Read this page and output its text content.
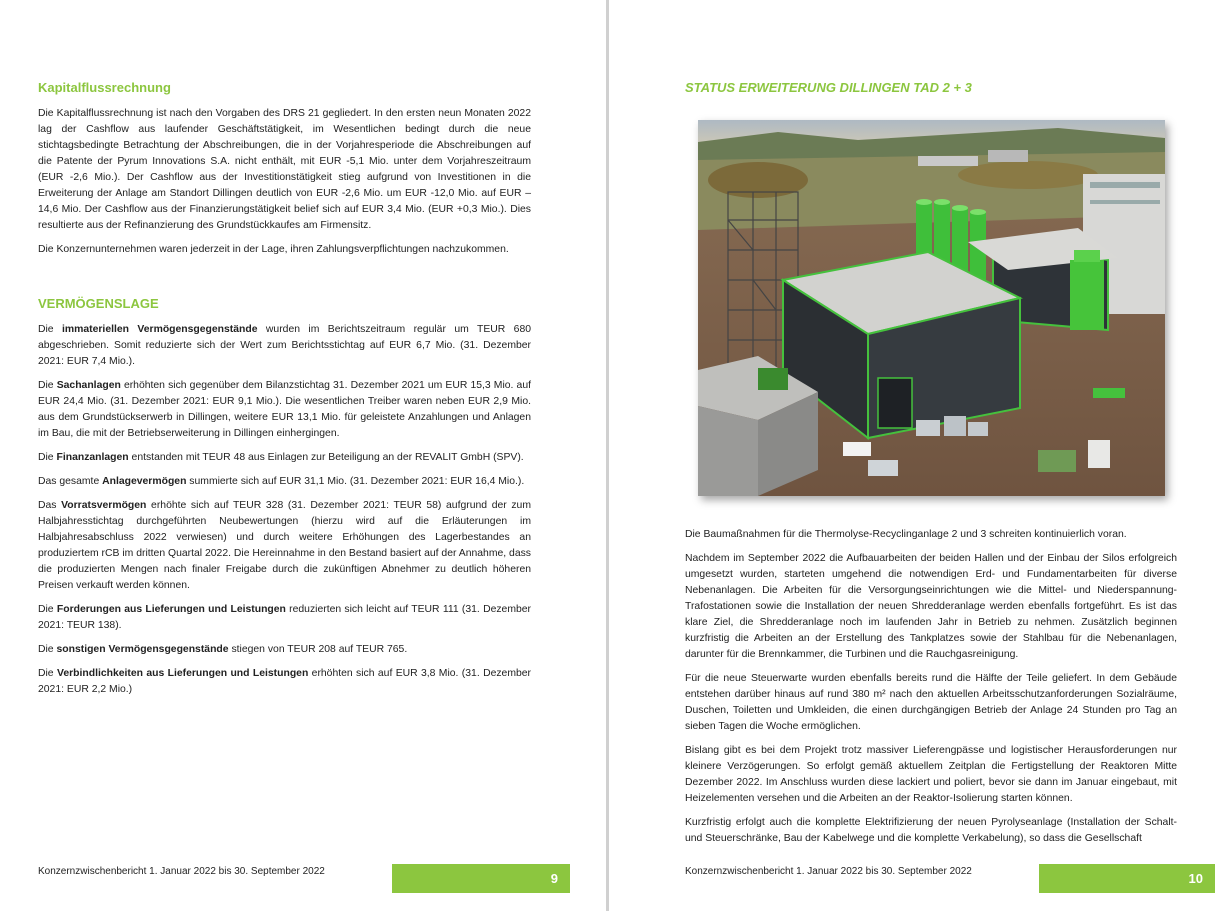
Kapitalflussrechnung

Die Kapitalflussrechnung ist nach den Vorgaben des DRS 21 gegliedert. In den ersten neun Monaten 2022 lag der Cashflow aus laufender Geschäftstätigkeit, im Wesentlichen bedingt durch die neue stichtagsbedingte Betrachtung der Abschreibungen, die in der Vorjahresperiode die Abschreibungen auf die Patente der Pyrum Innovations S.A. nicht enthält, mit EUR -5,1 Mio. unter dem Vorjahreszeitraum (EUR -2,6 Mio.). Der Cashflow aus der Investitionstätigkeit stieg aufgrund von Investitionen in die Erweiterung der Anlage am Standort Dillingen deutlich von EUR -2,6 Mio. um EUR -12,0 Mio. auf EUR –14,6 Mio. Der Cashflow aus der Finanzierungstätigkeit belief sich auf EUR 3,4 Mio. (EUR +0,3 Mio.). Dies resultierte aus der Refinanzierung des Grundstückkaufes am Firmensitz.

Die Konzernunternehmen waren jederzeit in der Lage, ihren Zahlungsverpflichtungen nachzukommen.

VERMÖGENSLAGE

Die immateriellen Vermögensgegenstände wurden im Berichtszeitraum regulär um TEUR 680 abgeschrieben. Somit reduzierte sich der Wert zum Berichtsstichtag auf EUR 6,7 Mio. (31. Dezember 2021: EUR 7,4 Mio.).

Die Sachanlagen erhöhten sich gegenüber dem Bilanzstichtag 31. Dezember 2021 um EUR 15,3 Mio. auf EUR 24,4 Mio. (31. Dezember 2021: EUR 9,1 Mio.). Die wesentlichen Treiber waren neben EUR 2,9 Mio. aus dem Grundstückserwerb in Dillingen, weitere EUR 13,1 Mio. für geleistete Anzahlungen und Anlagen im Bau, die mit der Betriebserweiterung in Dillingen einhergingen.

Die Finanzanlagen entstanden mit TEUR 48 aus Einlagen zur Beteiligung an der REVALIT GmbH (SPV).

Das gesamte Anlagevermögen summierte sich auf EUR 31,1 Mio. (31. Dezember 2021: EUR 16,4 Mio.).

Das Vorratsvermögen erhöhte sich auf TEUR 328 (31. Dezember 2021: TEUR 58) aufgrund der zum Halbjahresstichtag durchgeführten Neubewertungen (hierzu wird auf die Erläuterungen im Halbjahresabschluss 2022 verwiesen) und durch weitere Erhöhungen des Lagerbestandes an produziertem rCB im dritten Quartal 2022. Die Hereinnahme in den Bestand basiert auf der Annahme, dass die produzierten Mengen nach finaler Freigabe durch die zukünftigen Abnehmer zu deutlich höheren Preisen verkauft werden können.

Die Forderungen aus Lieferungen und Leistungen reduzierten sich leicht auf TEUR 111 (31. Dezember 2021: TEUR 138).

Die sonstigen Vermögensgegenstände stiegen von TEUR 208 auf TEUR 765.

Die Verbindlichkeiten aus Lieferungen und Leistungen erhöhten sich auf EUR 3,8 Mio. (31. Dezember 2021: EUR 2,2 Mio.)

Konzernzwischenbericht 1. Januar 2022 bis 30. September 2022	9
STATUS ERWEITERUNG DILLINGEN TAD 2 + 3

Die Baumaßnahmen für die Thermolyse-Recyclinganlage 2 und 3 schreiten kontinuierlich voran.

Nachdem im September 2022 die Aufbauarbeiten der beiden Hallen und der Einbau der Silos erfolgreich umgesetzt wurden, starteten umgehend die notwendigen Erd- und Fundamentarbeiten für diverse Nebenanlagen. Die Arbeiten für die Versorgungseinrichtungen wie die Mittel- und Niederspannung-Trafostationen sowie die Installation der neuen Shredderanlage werden ebenfalls fortgeführt. Es ist das klare Ziel, die Shredderanlage noch im laufenden Jahr in Betrieb zu nehmen. Zusätzlich beginnen kurzfristig die Arbeiten an der Erstellung des Tankplatzes sowie der Stahlbau für die Nebenanlagen, darunter für die Brennkammer, die Turbinen und die Rauchgasreinigung.

Für die neue Steuerwarte wurden ebenfalls bereits rund die Hälfte der Teile geliefert. In dem Gebäude entstehen darüber hinaus auf rund 380 m² nach den aktuellen Arbeitsschutzanforderungen Sozialräume, Duschen, Toiletten und Umkleiden, die einen durchgängigen Betrieb der Anlage 24 Stunden pro Tag an sieben Tagen die Woche ermöglichen.

Bislang gibt es bei dem Projekt trotz massiver Lieferengpässe und logistischer Herausforderungen nur kleinere Verzögerungen. So erfolgt gemäß aktuellem Zeitplan die Fertigstellung der Reaktoren Mitte Dezember 2022. Im Anschluss wurden diese lackiert und poliert, bevor sie dann im Januar eingebaut, mit Heizelementen versehen und die Arbeiten an der Reaktor-Isolierung starten können.

Kurzfristig erfolgt auch die komplette Elektrifizierung der neuen Pyrolyseanlage (Installation der Schalt- und Steuerschränke, Bau der Kabelwege und die komplette Verkabelung), so dass die Gesellschaft

Konzernzwischenbericht 1. Januar 2022 bis 30. September 2022	10
